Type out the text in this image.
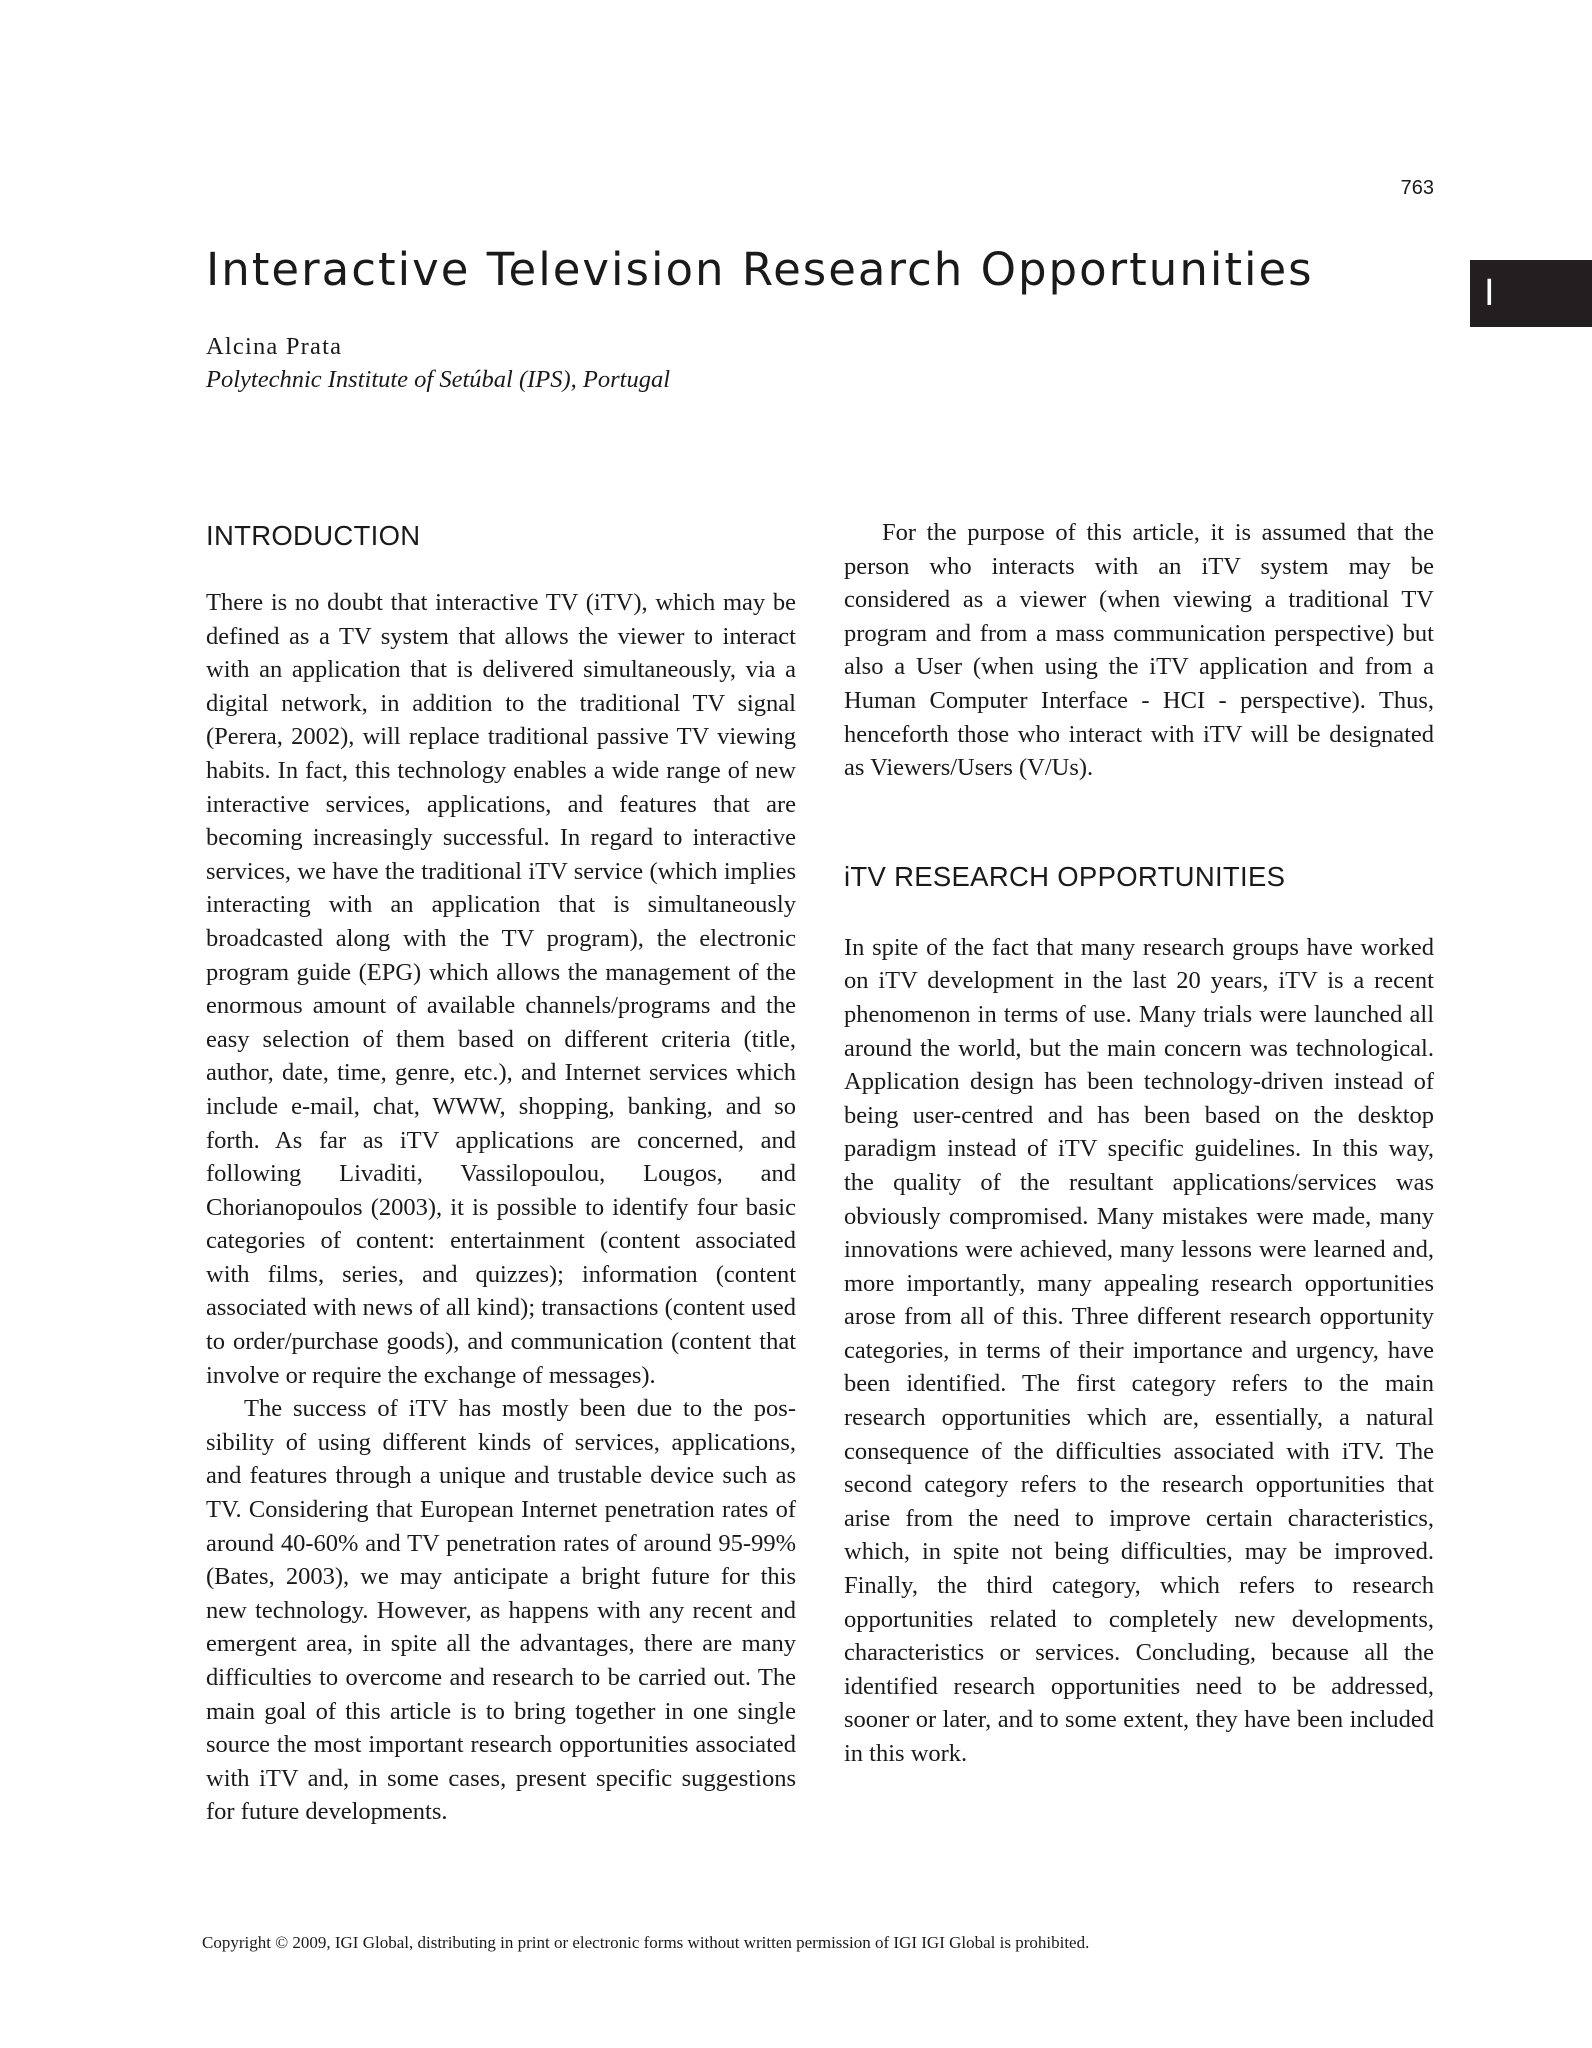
763
I
Interactive Television Research Opportunities
Alcina Prata
Polytechnic Institute of Setúbal (IPS), Portugal
INTRODUCTION

There is no doubt that interactive TV (iTV), which may be defined as a TV system that allows the viewer to interact with an application that is delivered simultaneously, via a digital network, in addition to the traditional TV signal (Perera, 2002), will replace traditional passive TV viewing habits. In fact, this technology enables a wide range of new interactive services, applications, and features that are becoming increasingly successful. In regard to interactive services, we have the traditional iTV service (which implies interacting with an application that is simultaneously broadcasted along with the TV program), the electronic program guide (EPG) which allows the management of the enormous amount of available channels/programs and the easy selection of them based on different criteria (title, author, date, time, genre, etc.), and Internet services which include e-mail, chat, WWW, shopping, banking, and so forth. As far as iTV applications are concerned, and following Livaditi, Vassilopoulou, Lougos, and Chorianopoulos (2003), it is possible to identify four basic categories of content: entertainment (content associated with films, series, and quizzes); information (content associated with news of all kind); transactions (content used to order/purchase goods), and communication (content that involve or require the exchange of messages).

The success of iTV has mostly been due to the possibility of using different kinds of services, applications, and features through a unique and trustable device such as TV. Considering that European Internet penetration rates of around 40-60% and TV penetration rates of around 95-99% (Bates, 2003), we may anticipate a bright future for this new technology. However, as happens with any recent and emergent area, in spite all the advantages, there are many difficulties to overcome and research to be carried out. The main goal of this article is to bring together in one single source the most important research opportunities associated with iTV and, in some cases, present specific suggestions for future developments.

For the purpose of this article, it is assumed that the person who interacts with an iTV system may be considered as a viewer (when viewing a traditional TV program and from a mass communication perspective) but also a User (when using the iTV application and from a Human Computer Interface - HCI - perspective). Thus, henceforth those who interact with iTV will be designated as Viewers/Users (V/Us).

iTV RESEARCH OPPORTUNITIES

In spite of the fact that many research groups have worked on iTV development in the last 20 years, iTV is a recent phenomenon in terms of use. Many trials were launched all around the world, but the main concern was technological. Application design has been technology-driven instead of being user-centred and has been based on the desktop paradigm instead of iTV specific guidelines. In this way, the quality of the resultant applications/services was obviously compromised. Many mistakes were made, many innovations were achieved, many lessons were learned and, more importantly, many appealing research opportunities arose from all of this. Three different research opportunity categories, in terms of their importance and urgency, have been identified. The first category refers to the main research opportunities which are, essentially, a natural consequence of the difficulties associated with iTV. The second category refers to the research opportunities that arise from the need to improve certain characteristics, which, in spite not being difficulties, may be improved. Finally, the third category, which refers to research opportunities related to completely new developments, characteristics or services. Concluding, because all the identified research opportunities need to be addressed, sooner or later, and to some extent, they have been included in this work.

Copyright © 2009, IGI Global, distributing in print or electronic forms without written permission of IGI IGI Global is prohibited.
